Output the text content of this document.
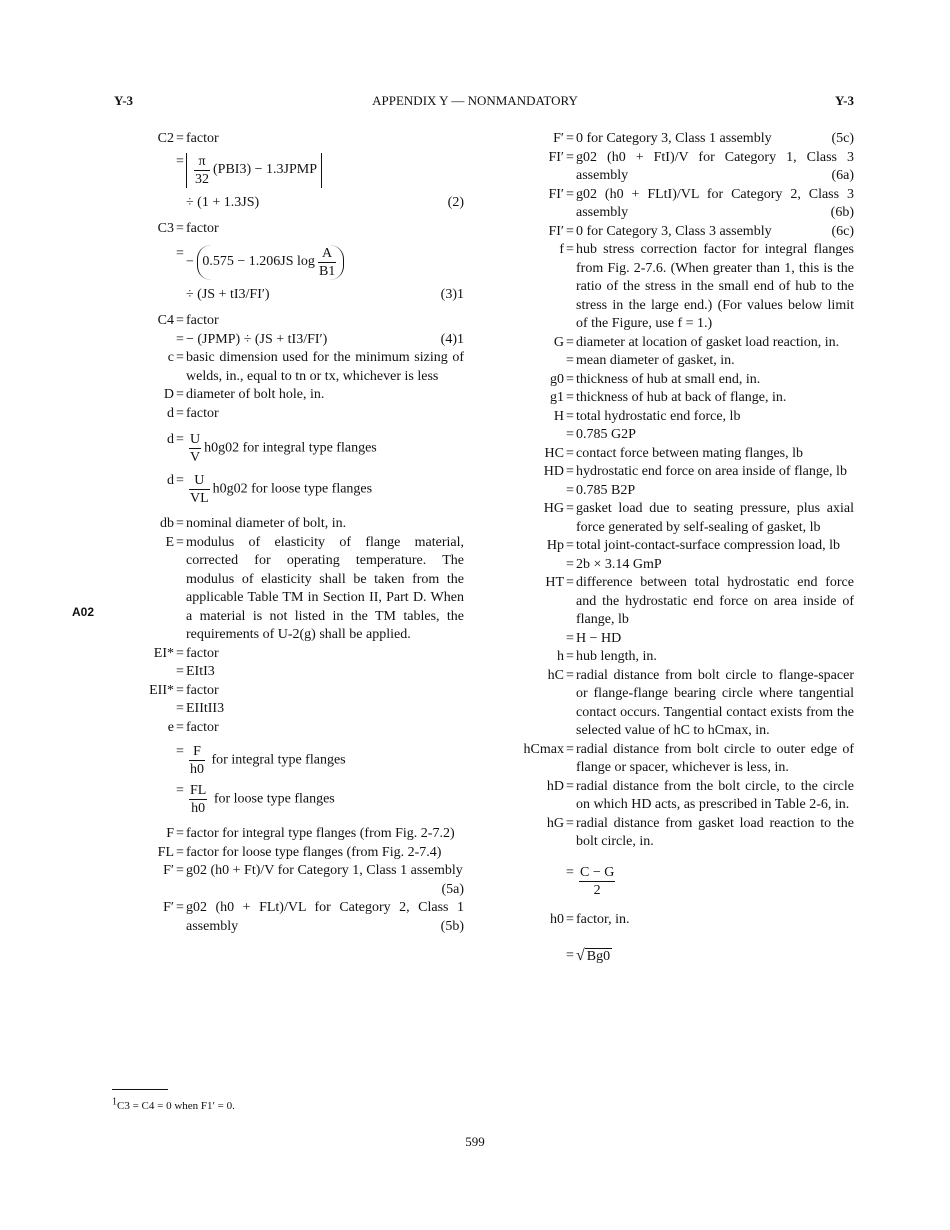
Y-3	APPENDIX Y — NONMANDATORY	Y-3
A02
C2 = factor
= $\frac{\pi}{32} (PBI3)$ − 1.3JPMP
÷ (1 + 1.3JS)	(2)
C3 = factor
=
− 0.575 − 1.206JS $\log \frac{A}{B1}$
÷ (JS + tI3/FI′)	(3)1
C4 = factor
= − (JPMP) ÷ (JS + tI3/FI′)	(4)1
c = basic dimension used for the minimum sizing of welds, in., equal to tn or tx, whichever is less
D = diameter of bolt hole, in.
d = factor
$d = \frac{U}{V} h0g02$ for integral type flanges
$d = \frac{U}{VL} h0g02$ for loose type flanges
db = nominal diameter of bolt, in.
E = modulus of elasticity of flange material, corrected for operating temperature. The modulus of elasticity shall be taken from the applicable Table TM in Section II, Part D. When a material is not listed in the TM tables, the requirements of U-2(g) shall be applied.
EI* = factor
= EItI3
EII* = factor
= EIItII3
e = factor
= $\frac{F}{h0}$ for integral type flanges
= $\frac{FL}{h0}$ for loose type flanges
F = factor for integral type flanges (from Fig. 2-7.2)
FL = factor for loose type flanges (from Fig. 2-7.4)
F′ = g02 (h0 + Ft)/V for Category 1, Class 1 assembly
(5a)
F′ = g02 (h0 + FLt)/VL for Category 2, Class 1 assembly	(5b)
F′ = 0 for Category 3, Class 1 assembly	(5c)
FI′ = g02 (h0 + FtI)/V for Category 1, Class 3 assembly	(6a)
FI′ = g02 (h0 + FLtI)/VL for Category 2, Class 3 assembly	(6b)
FI′ = 0 for Category 3, Class 3 assembly	(6c)
f = hub stress correction factor for integral flanges from Fig. 2-7.6. (When greater than 1, this is the ratio of the stress in the small end of hub to the stress in the large end.) (For values below limit of the Figure, use f = 1.)
G = diameter at location of gasket load reaction, in.
= mean diameter of gasket, in.
g0 = thickness of hub at small end, in.
g1 = thickness of hub at back of flange, in.
H = total hydrostatic end force, lb
= 0.785 G2P
HC = contact force between mating flanges, lb
HD = hydrostatic end force on area inside of flange, lb
= 0.785 B2P
HG = gasket load due to seating pressure, plus axial force generated by self-sealing of gasket, lb
Hp = total joint-contact-surface compression load, lb
= 2b × 3.14 GmP
HT = difference between total hydrostatic end force and the hydrostatic end force on area inside of flange, lb
= H − HD
h = hub length, in.
hC = radial distance from bolt circle to flange-spacer or flange-flange bearing circle where tangential contact occurs. Tangential contact exists from the selected value of hC to hCmax, in.
hCmax = radial distance from bolt circle to outer edge of flange or spacer, whichever is less, in.
hD = radial distance from the bolt circle, to the circle on which HD acts, as prescribed in Table 2-6, in.
hG = radial distance from gasket load reaction to the bolt circle, in.
= $\frac{C - G}{2}$
h0 = factor, in.
= √ Bg0
$^1$C3 = C4 = 0 when F1′ = 0.
599
